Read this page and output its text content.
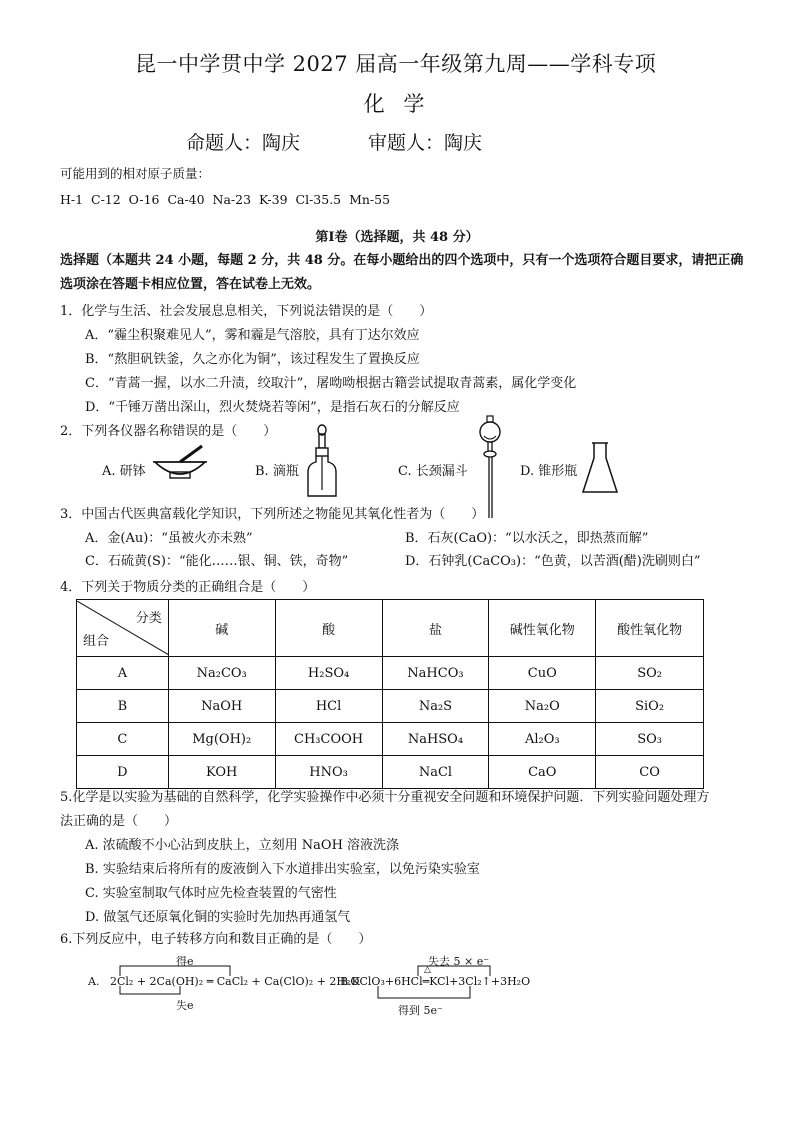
昆一中学贯中学 2027 届高一年级第九周——学科专项
化 学
命题人：陶庆	审题人：陶庆
可能用到的相对原子质量：
H-1  C-12  O-16  Ca-40  Na-23  K-39  Cl-35.5  Mn-55
第I卷（选择题，共 48 分）
选择题（本题共 24 小题，每题 2 分，共 48 分。在每小题给出的四个选项中，只有一个选项符合题目要求，请把正确选项涂在答题卡相应位置，答在试卷上无效。
1．化学与生活、社会发展息息相关，下列说法错误的是（　　）
A．“霾尘积聚难见人”，雾和霾是气溶胶，具有丁达尔效应
B．“熬胆矾铁釜，久之亦化为铜”，该过程发生了置换反应
C．“青蒿一握，以水二升渍，绞取汁”，屠呦呦根据古籍尝试提取青蒿素，属化学变化
D．“千锤万凿出深山，烈火焚烧若等闲”，是指石灰石的分解反应
2．下列各仪器名称错误的是（　　）
A. 研钵	B. 滴瓶	C. 长颈漏斗	D. 锥形瓶
3．中国古代医典富载化学知识，下列所述之物能见其氧化性者为（　　）
A．金(Au)：“虽被火亦未熟”	B．石灰(CaO)：“以水沃之，即热蒸而解”
C．石硫黄(S)：“能化……银、铜、铁，奇物”	D．石钟乳(CaCO₃)：“色黄，以苦酒(醋)洗刷则白”
4．下列关于物质分类的正确组合是（　　）
分类
组合	碱	酸	盐	碱性氧化物	酸性氧化物
A	Na₂CO₃	H₂SO₄	NaHCO₃	CuO	SO₂
B	NaOH	HCl	Na₂S	Na₂O	SiO₂
C	Mg(OH)₂	CH₃COOH	NaHSO₄	Al₂O₃	SO₃
D	KOH	HNO₃	NaCl	CaO	CO
5.化学是以实验为基础的自然科学，化学实验操作中必须十分重视安全问题和环境保护问题．下列实验问题处理方
法正确的是（　　）
A. 浓硫酸不小心沾到皮肤上，立刻用 NaOH 溶液洗涤
B. 实验结束后将所有的废液倒入下水道排出实验室，以免污染实验室
C. 实验室制取气体时应先检查装置的气密性
D. 做氢气还原氧化铜的实验时先加热再通氢气
6.下列反应中，电子转移方向和数目正确的是（　　）
A.
得e
2Cl₂ + 2Ca(OH)₂ ═ CaCl₂ + Ca(ClO)₂ + 2H₂O
失e
失去 5 × e⁻
△
B.KClO₃+6HCl═KCl+3Cl₂↑+3H₂O
得到 5e⁻
